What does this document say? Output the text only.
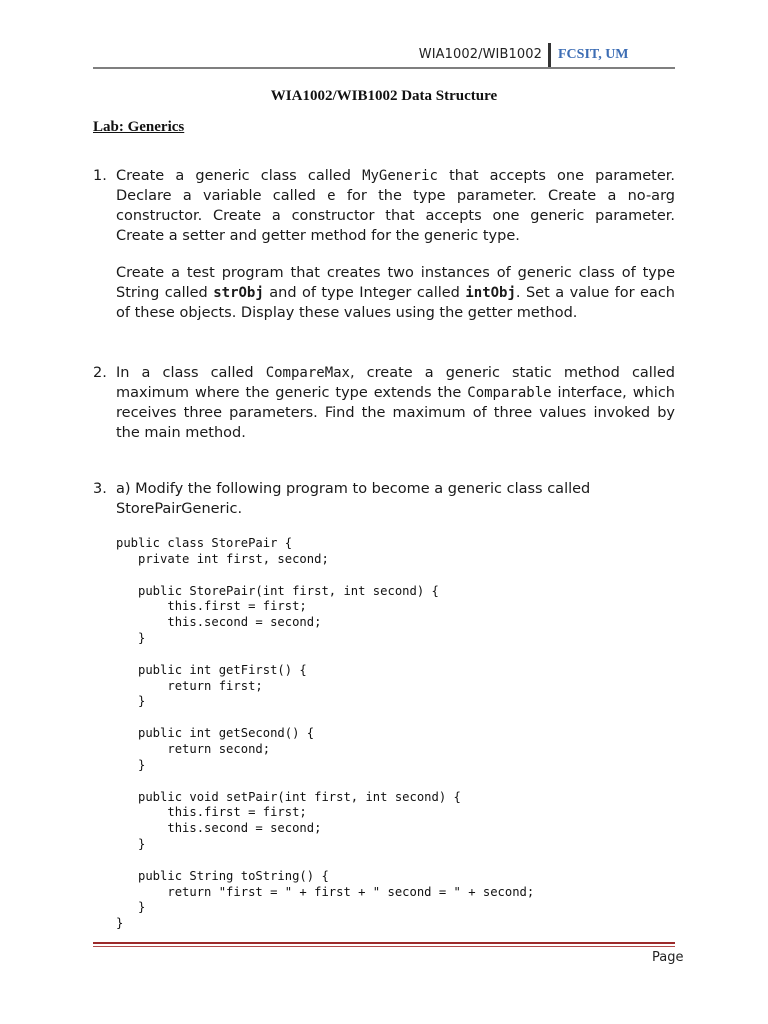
WIA1002/WIB1002 FCSIT, UM
WIA1002/WIB1002 Data Structure
Lab: Generics
1. Create a generic class called MyGeneric that accepts one parameter. Declare a variable called e for the type parameter. Create a no-arg constructor. Create a constructor that accepts one generic parameter. Create a setter and getter method for the generic type.

Create a test program that creates two instances of generic class of type String called strObj and of type Integer called intObj. Set a value for each of these objects. Display these values using the getter method.

2. In a class called CompareMax, create a generic static method called maximum where the generic type extends the Comparable interface, which receives three parameters. Find the maximum of three values invoked by the main method.

3. a) Modify the following program to become a generic class called
StorePairGeneric.

public class StorePair {
private int first, second;

public StorePair(int first, int second) {
this.first = first;
this.second = second;
}

public int getFirst() {
return first;
}

public int getSecond() {
return second;
}

public void setPair(int first, int second) {
this.first = first;
this.second = second;
}

public String toString() {
return "first = " + first + " second = " + second;
}
}
Page
